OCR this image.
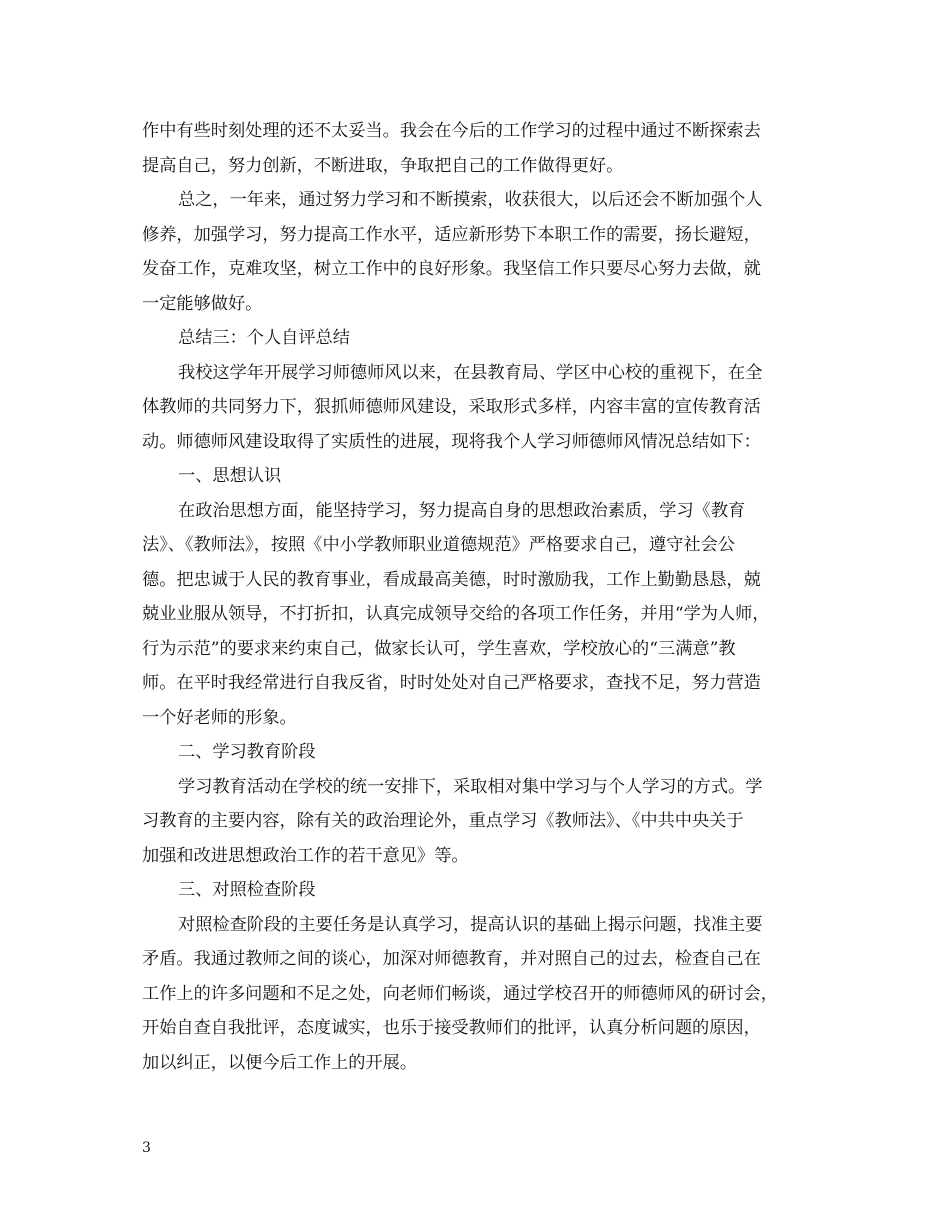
作中有些时刻处理的还不太妥当。我会在今后的工作学习的过程中通过不断探索去
提高自己，努力创新，不断进取，争取把自己的工作做得更好。
总之，一年来，通过努力学习和不断摸索，收获很大，以后还会不断加强个人
修养，加强学习，努力提高工作水平，适应新形势下本职工作的需要，扬长避短，
发奋工作，克难攻坚，树立工作中的良好形象。我坚信工作只要尽心努力去做，就
一定能够做好。
总结三：个人自评总结
我校这学年开展学习师德师风以来，在县教育局、学区中心校的重视下，在全
体教师的共同努力下，狠抓师德师风建设，采取形式多样，内容丰富的宣传教育活
动。师德师风建设取得了实质性的进展，现将我个人学习师德师风情况总结如下：
一、思想认识
在政治思想方面，能坚持学习，努力提高自身的思想政治素质，学习《教育
法》、《教师法》，按照《中小学教师职业道德规范》严格要求自己，遵守社会公
德。把忠诚于人民的教育事业，看成最高美德，时时激励我，工作上勤勤恳恳，兢
兢业业服从领导，不打折扣，认真完成领导交给的各项工作任务，并用“学为人师，
行为示范”的要求来约束自己，做家长认可，学生喜欢，学校放心的“三满意”教
师。在平时我经常进行自我反省，时时处处对自己严格要求，查找不足，努力营造
一个好老师的形象。
二、学习教育阶段
学习教育活动在学校的统一安排下，采取相对集中学习与个人学习的方式。学
习教育的主要内容，除有关的政治理论外，重点学习《教师法》、《中共中央关于
加强和改进思想政治工作的若干意见》等。
三、对照检查阶段
对照检查阶段的主要任务是认真学习，提高认识的基础上揭示问题，找准主要
矛盾。我通过教师之间的谈心，加深对师德教育，并对照自己的过去，检查自己在
工作上的许多问题和不足之处，向老师们畅谈，通过学校召开的师德师风的研讨会，
开始自查自我批评，态度诚实，也乐于接受教师们的批评，认真分析问题的原因，
加以纠正，以便今后工作上的开展。
3
